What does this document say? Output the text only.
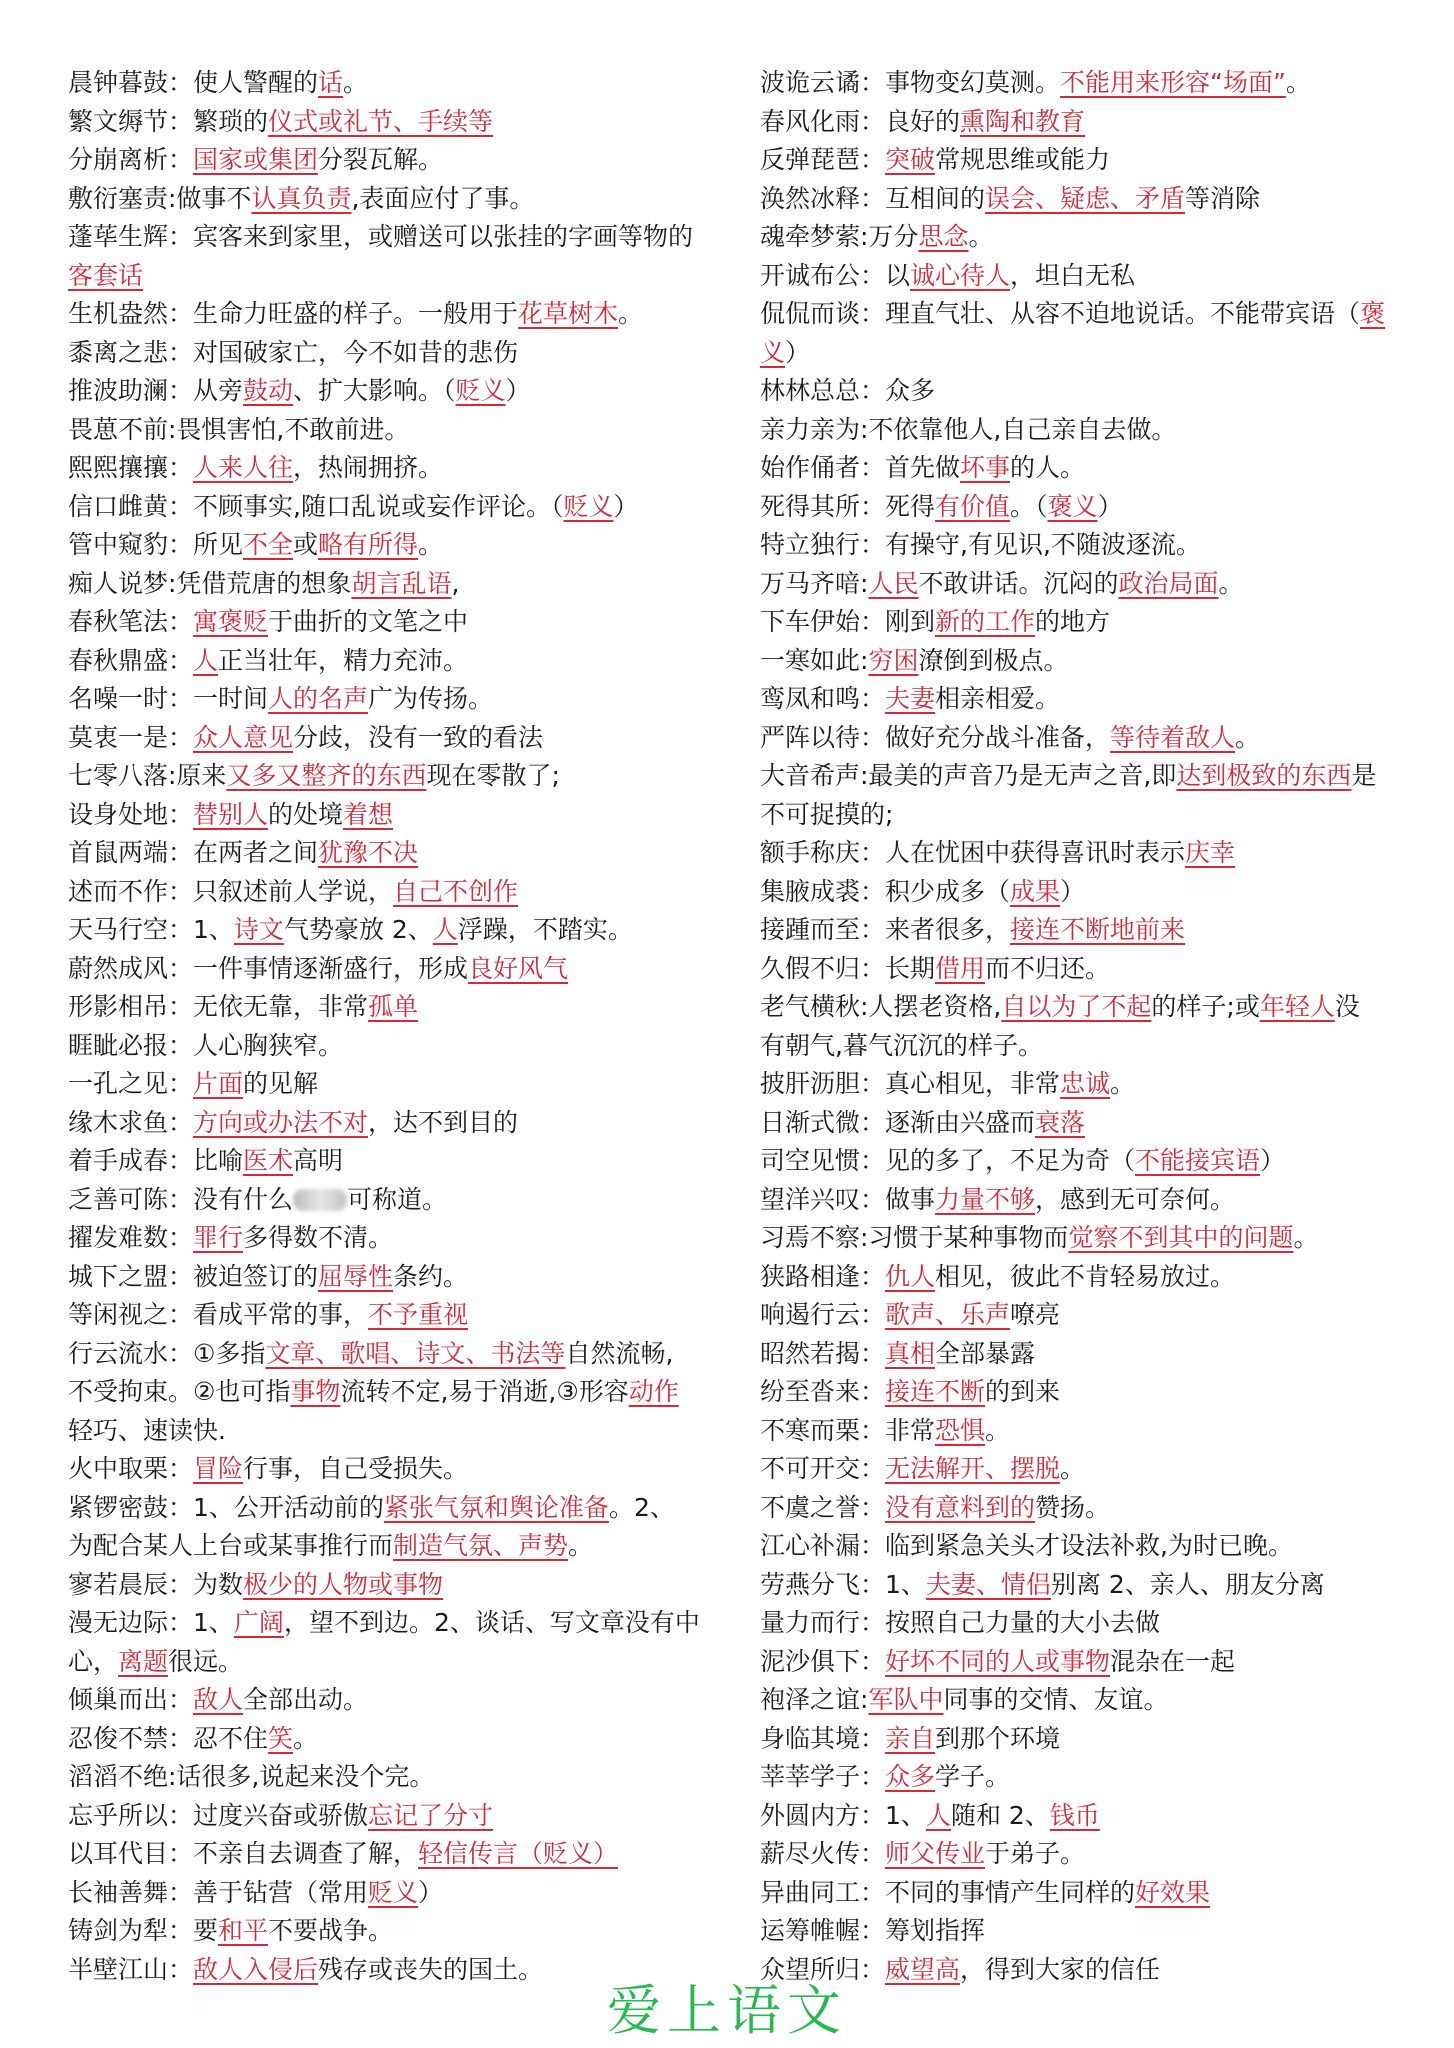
晨钟暮鼓：使人警醒的话。
繁文缛节：繁琐的仪式或礼节、手续等
分崩离析：国家或集团分裂瓦解。
敷衍塞责:做事不认真负责,表面应付了事。
蓬荜生辉：宾客来到家里，或赠送可以张挂的字画等物的
客套话
生机盎然：生命力旺盛的样子。一般用于花草树木。
黍离之悲：对国破家亡，今不如昔的悲伤
推波助澜：从旁鼓动、扩大影响。（贬义）
畏葸不前:畏惧害怕,不敢前进。
熙熙攘攘：人来人往，热闹拥挤。
信口雌黄：不顾事实,随口乱说或妄作评论。（贬义）
管中窥豹：所见不全或略有所得。
痴人说梦:凭借荒唐的想象胡言乱语,
春秋笔法：寓褒贬于曲折的文笔之中
春秋鼎盛：人正当壮年，精力充沛。
名噪一时：一时间人的名声广为传扬。
莫衷一是：众人意见分歧，没有一致的看法
七零八落:原来又多又整齐的东西现在零散了;
设身处地：替别人的处境着想
首鼠两端：在两者之间犹豫不决
述而不作：只叙述前人学说，自己不创作
天马行空：1、诗文气势豪放 2、人浮躁，不踏实。
蔚然成风：一件事情逐渐盛行，形成良好风气
形影相吊：无依无靠，非常孤单
睚眦必报：人心胸狭窄。
一孔之见：片面的见解
缘木求鱼：方向或办法不对，达不到目的
着手成春：比喻医术高明
乏善可陈：没有什么 可称道。
擢发难数：罪行多得数不清。
城下之盟：被迫签订的屈辱性条约。
等闲视之：看成平常的事，不予重视
行云流水：①多指文章、歌唱、诗文、书法等自然流畅,
不受拘束。②也可指事物流转不定,易于消逝,③形容动作
轻巧、速读快.
火中取栗：冒险行事，自己受损失。
紧锣密鼓：1、公开活动前的紧张气氛和舆论准备。2、
为配合某人上台或某事推行而制造气氛、声势。
寥若晨辰：为数极少的人物或事物
漫无边际：1、广阔，望不到边。2、谈话、写文章没有中
心，离题很远。
倾巢而出：敌人全部出动。
忍俊不禁：忍不住笑。
滔滔不绝:话很多,说起来没个完。
忘乎所以：过度兴奋或骄傲忘记了分寸
以耳代目：不亲自去调查了解，轻信传言（贬义）
长袖善舞：善于钻营（常用贬义）
铸剑为犁：要和平不要战争。
半壁江山：敌人入侵后残存或丧失的国土。
波诡云谲：事物变幻莫测。不能用来形容“场面”。
春风化雨：良好的熏陶和教育
反弹琵琶：突破常规思维或能力
涣然冰释：互相间的误会、疑虑、矛盾等消除
魂牵梦萦:万分思念。
开诚布公：以诚心待人，坦白无私
侃侃而谈：理直气壮、从容不迫地说话。不能带宾语（褒
义）
林林总总：众多
亲力亲为:不依靠他人,自己亲自去做。
始作俑者：首先做坏事的人。
死得其所：死得有价值。（褒义）
特立独行：有操守,有见识,不随波逐流。
万马齐喑:人民不敢讲话。沉闷的政治局面。
下车伊始：刚到新的工作的地方
一寒如此:穷困潦倒到极点。
鸾凤和鸣：夫妻相亲相爱。
严阵以待：做好充分战斗准备，等待着敌人。
大音希声:最美的声音乃是无声之音,即达到极致的东西是
不可捉摸的;
额手称庆：人在忧困中获得喜讯时表示庆幸
集腋成裘：积少成多（成果）
接踵而至：来者很多，接连不断地前来
久假不归：长期借用而不归还。
老气横秋:人摆老资格,自以为了不起的样子;或年轻人没
有朝气,暮气沉沉的样子。
披肝沥胆：真心相见，非常忠诚。
日渐式微：逐渐由兴盛而衰落
司空见惯：见的多了，不足为奇（不能接宾语）
望洋兴叹：做事力量不够，感到无可奈何。
习焉不察:习惯于某种事物而觉察不到其中的问题。
狭路相逢：仇人相见，彼此不肯轻易放过。
响遏行云：歌声、乐声嘹亮
昭然若揭：真相全部暴露
纷至沓来：接连不断的到来
不寒而栗：非常恐惧。
不可开交：无法解开、摆脱。
不虞之誉：没有意料到的赞扬。
江心补漏：临到紧急关头才设法补救,为时已晚。
劳燕分飞：1、夫妻、情侣别离 2、亲人、朋友分离
量力而行：按照自己力量的大小去做
泥沙俱下：好坏不同的人或事物混杂在一起
袍泽之谊:军队中同事的交情、友谊。
身临其境：亲自到那个环境
莘莘学子：众多学子。
外圆内方：1、人随和 2、钱币
薪尽火传：师父传业于弟子。
异曲同工：不同的事情产生同样的好效果
运筹帷幄：筹划指挥
众望所归：威望高，得到大家的信任
爱上语文
